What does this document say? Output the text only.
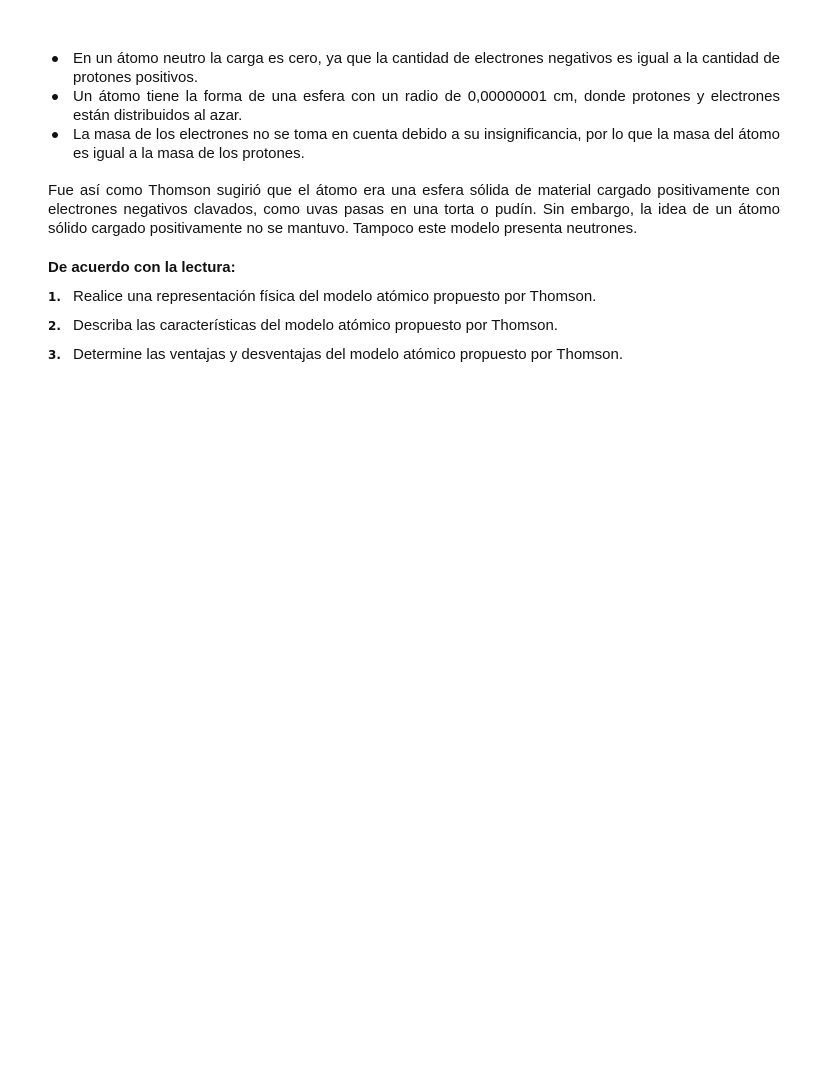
En un átomo neutro la carga es cero, ya que la cantidad de electrones negativos es igual a la cantidad de protones positivos.
Un átomo tiene la forma de una esfera con un radio de 0,00000001 cm, donde protones y electrones están distribuidos al azar.
La masa de los electrones no se toma en cuenta debido a su insignificancia, por lo que la masa del átomo es igual a la masa de los protones.

Fue así como Thomson sugirió que el átomo era una esfera sólida de material cargado positivamente con electrones negativos clavados, como uvas pasas en una torta o pudín. Sin embargo, la idea de un átomo sólido cargado positivamente no se mantuvo. Tampoco este modelo presenta neutrones.

De acuerdo con la lectura:

1. Realice una representación física del modelo atómico propuesto por Thomson.
2. Describa las características del modelo atómico propuesto por Thomson.
3. Determine las ventajas y desventajas del modelo atómico propuesto por Thomson.
